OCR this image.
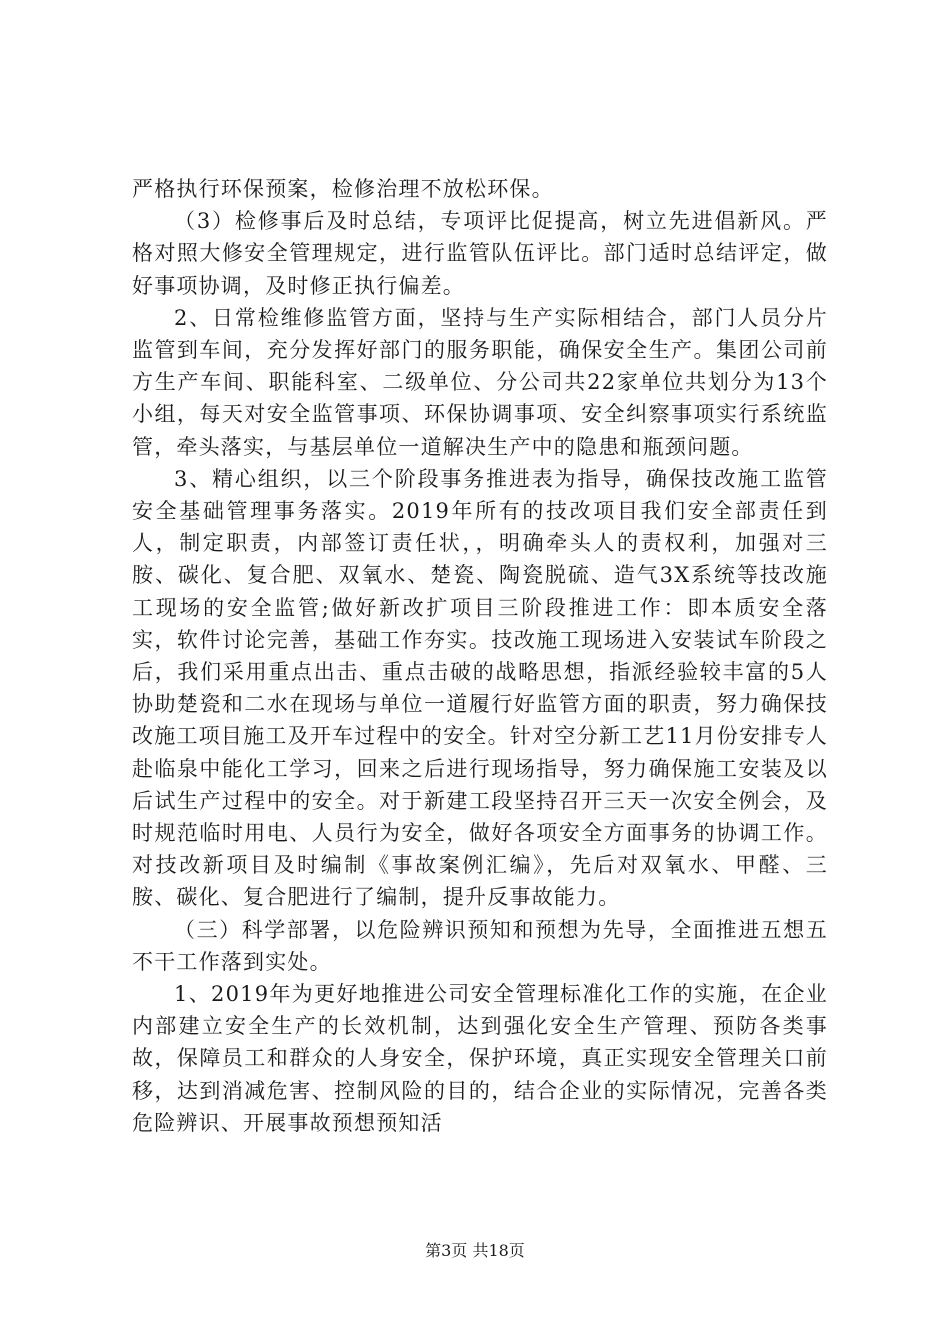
严格执行环保预案，检修治理不放松环保。

（3）检修事后及时总结，专项评比促提高，树立先进倡新风。严格对照大修安全管理规定，进行监管队伍评比。部门适时总结评定，做好事项协调，及时修正执行偏差。

2、日常检维修监管方面，坚持与生产实际相结合，部门人员分片监管到车间，充分发挥好部门的服务职能，确保安全生产。集团公司前方生产车间、职能科室、二级单位、分公司共22家单位共划分为13个小组，每天对安全监管事项、环保协调事项、安全纠察事项实行系统监管，牵头落实，与基层单位一道解决生产中的隐患和瓶颈问题。

3、精心组织，以三个阶段事务推进表为指导，确保技改施工监管安全基础管理事务落实。2019年所有的技改项目我们安全部责任到人，制定职责，内部签订责任状，，明确牵头人的责权利，加强对三胺、碳化、复合肥、双氧水、楚瓷、陶瓷脱硫、造气3X系统等技改施工现场的安全监管;做好新改扩项目三阶段推进工作：即本质安全落实，软件讨论完善，基础工作夯实。技改施工现场进入安装试车阶段之后，我们采用重点出击、重点击破的战略思想，指派经验较丰富的5人协助楚瓷和二水在现场与单位一道履行好监管方面的职责，努力确保技改施工项目施工及开车过程中的安全。针对空分新工艺11月份安排专人赴临泉中能化工学习，回来之后进行现场指导，努力确保施工安装及以后试生产过程中的安全。对于新建工段坚持召开三天一次安全例会，及时规范临时用电、人员行为安全，做好各项安全方面事务的协调工作。对技改新项目及时编制《事故案例汇编》，先后对双氧水、甲醛、三胺、碳化、复合肥进行了编制，提升反事故能力。

（三）科学部署，以危险辨识预知和预想为先导，全面推进五想五不干工作落到实处。

1、2019年为更好地推进公司安全管理标准化工作的实施，在企业内部建立安全生产的长效机制，达到强化安全生产管理、预防各类事故，保障员工和群众的人身安全，保护环境，真正实现安全管理关口前移，达到消减危害、控制风险的目的，结合企业的实际情况，完善各类危险辨识、开展事故预想预知活

第3页 共18页
